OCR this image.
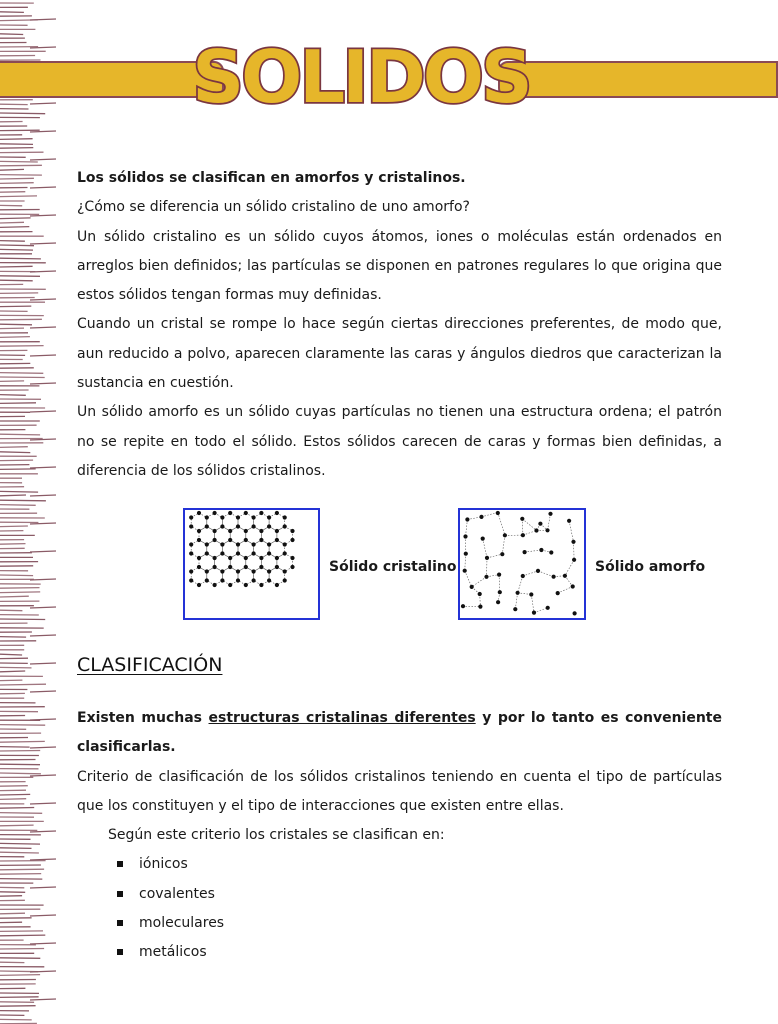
SOLIDOS

Los sólidos se clasifican en amorfos y cristalinos.

¿Cómo se diferencia un sólido cristalino de uno amorfo?

Un sólido cristalino es un sólido cuyos átomos, iones o moléculas están ordenados en arreglos bien definidos; las partículas se disponen en patrones regulares lo que origina que estos sólidos tengan formas muy definidas.

Cuando un cristal se rompe lo hace según ciertas direcciones preferentes, de modo que, aun reducido a polvo, aparecen claramente las caras y ángulos diedros que caracterizan la sustancia en cuestión.

Un sólido amorfo es un sólido cuyas partículas no tienen una estructura ordena; el patrón no se repite en todo el sólido. Estos sólidos carecen de caras y formas bien definidas, a diferencia de los sólidos cristalinos.

Sólido cristalino	Sólido amorfo
CLASIFICACIÓN

Existen muchas estructuras cristalinas diferentes y por lo tanto es conveniente clasificarlas.

Criterio de clasificación de los sólidos cristalinos teniendo en cuenta el tipo de partículas que los constituyen y el tipo de interacciones que existen entre ellas.

Según este criterio los cristales se clasifican en:

iónicos
covalentes
moleculares
metálicos
